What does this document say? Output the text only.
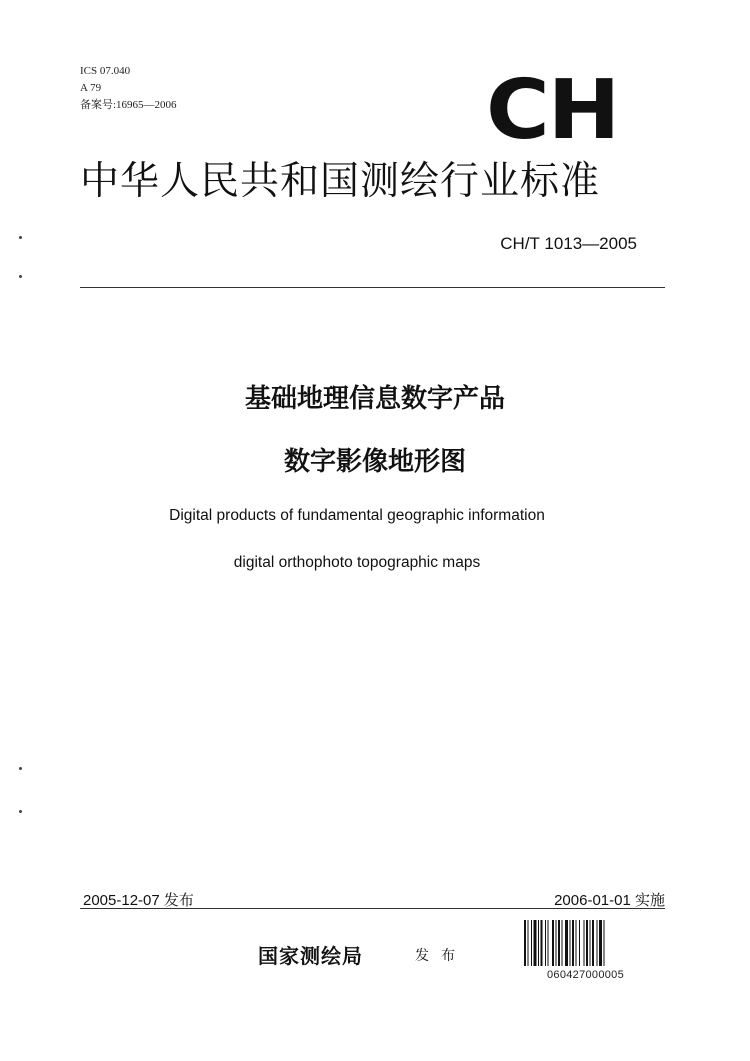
ICS 07.040
A 79
备案号:16965—2006	CH
中华人民共和国测绘行业标准
CH/T 1013—2005
基础地理信息数字产品
数字影像地形图
Digital products of fundamental geographic information
digital orthophoto topographic maps
2005-12-07 发布	2006-01-01 实施
国家测绘局	发布
060427000005
